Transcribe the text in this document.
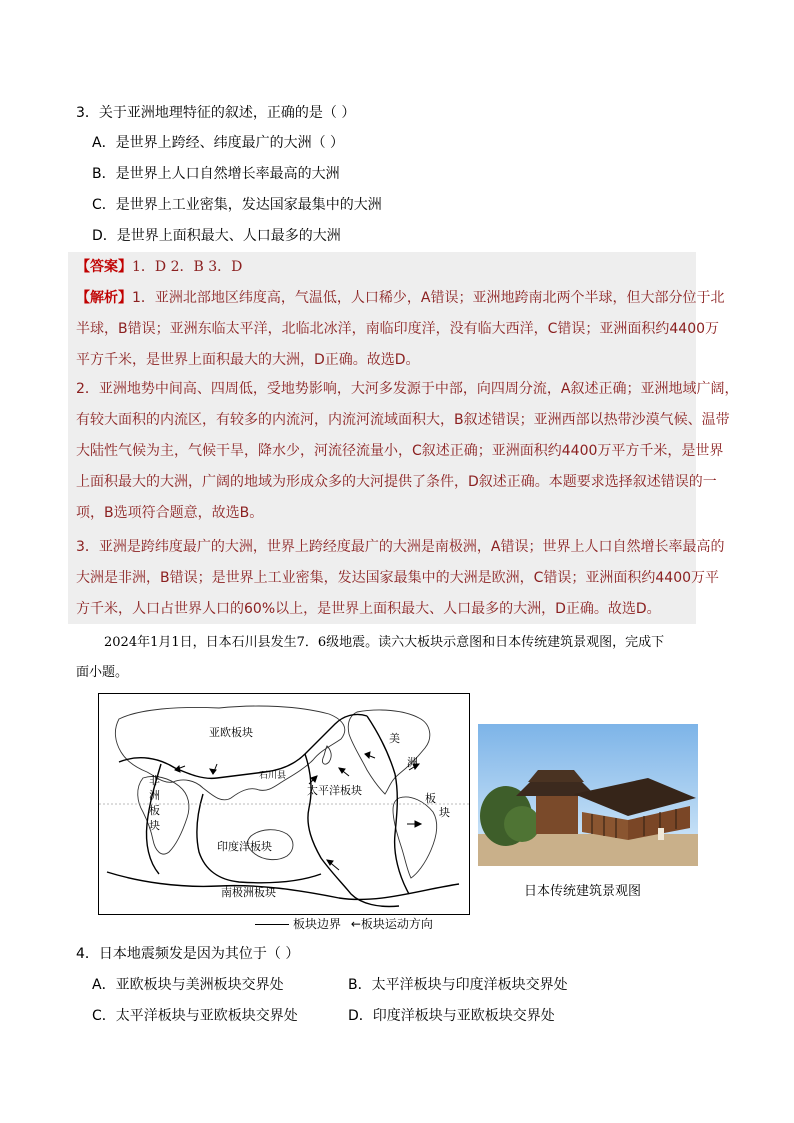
3．关于亚洲地理特征的叙述，正确的是（ ）
A．是世界上跨经、纬度最广的大洲（ ）
B．是世界上人口自然增长率最高的大洲
C．是世界上工业密集，发达国家最集中的大洲
D．是世界上面积最大、人口最多的大洲
【答案】1．D 2．B 3．D
【解析】1．亚洲北部地区纬度高，气温低，人口稀少，A错误；亚洲地跨南北两个半球，但大部分位于北
半球，B错误；亚洲东临太平洋，北临北冰洋，南临印度洋，没有临大西洋，C错误；亚洲面积约4400万
平方千米，是世界上面积最大的大洲，D正确。故选D。
2．亚洲地势中间高、四周低，受地势影响，大河多发源于中部，向四周分流，A叙述正确；亚洲地域广阔，
有较大面积的内流区，有较多的内流河，内流河流域面积大，B叙述错误；亚洲西部以热带沙漠气候、温带
大陆性气候为主，气候干旱，降水少，河流径流量小，C叙述正确；亚洲面积约4400万平方千米，是世界
上面积最大的大洲，广阔的地域为形成众多的大河提供了条件，D叙述正确。本题要求选择叙述错误的一
项，B选项符合题意，故选B。
3．亚洲是跨纬度最广的大洲，世界上跨经度最广的大洲是南极洲，A错误；世界上人口自然增长率最高的
大洲是非洲，B错误；是世界上工业密集，发达国家最集中的大洲是欧洲，C错误；亚洲面积约4400万平
方千米，人口占世界人口的60%以上，是世界上面积最大、人口最多的大洲，D正确。故选D。
2024年1月1日，日本石川县发生7．6级地震。读六大板块示意图和日本传统建筑景观图，完成下
面小题。
亚欧板块
非
洲
板
块
石川县
太平洋板块
美
洲
板
块
印度洋板块
南极洲板块
板块边界 ←板块运动方向
日本传统建筑景观图
4．日本地震频发是因为其位于（ ）
A．亚欧板块与美洲板块交界处	B．太平洋板块与印度洋板块交界处
C．太平洋板块与亚欧板块交界处	D．印度洋板块与亚欧板块交界处
